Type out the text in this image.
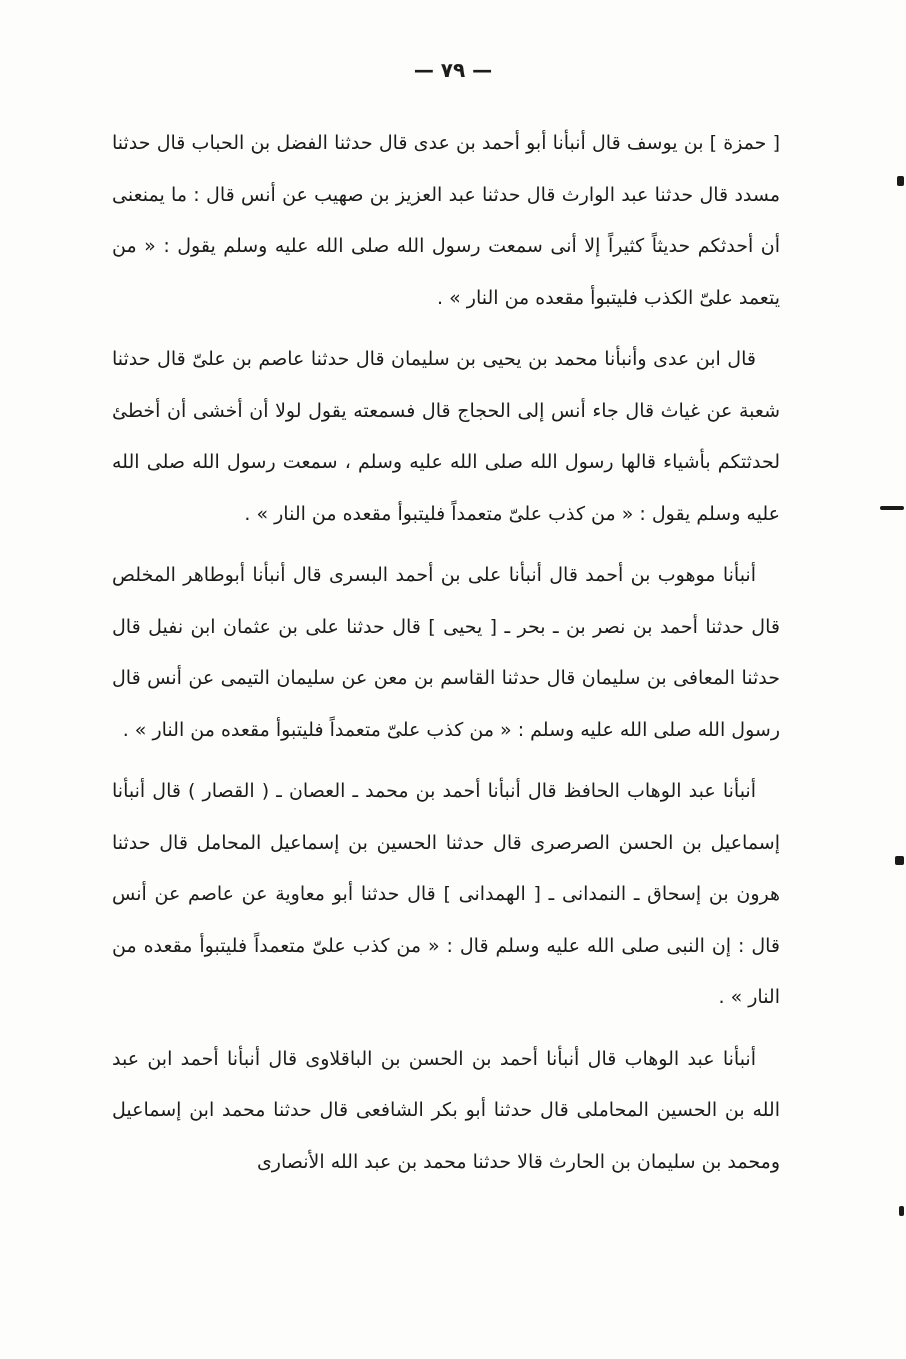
— ٧٩ —

[ حمزة ] بن يوسف قال أنبأنا أبو أحمد بن عدى قال حدثنا الفضل بن الحباب قال حدثنا مسدد قال حدثنا عبد الوارث قال حدثنا عبد العزيز بن صهيب عن أنس قال : ما يمنعنى أن أحدثكم حديثاً كثيراً إلا أنى سمعت رسول الله صلى الله عليه وسلم يقول : « من يتعمد علىّ الكذب فليتبوأ مقعده من النار » .

قال ابن عدى وأنبأنا محمد بن يحيى بن سليمان قال حدثنا عاصم بن علىّ قال حدثنا شعبة عن غياث قال جاء أنس إلى الحجاج قال فسمعته يقول لولا أن أخشى أن أخطئ لحدثتكم بأشياء قالها رسول الله صلى الله عليه وسلم ، سمعت رسول الله صلى الله عليه وسلم يقول : « من كذب علىّ متعمداً فليتبوأ مقعده من النار » .

أنبأنا موهوب بن أحمد قال أنبأنا على بن أحمد البسرى قال أنبأنا أبوطاهر المخلص قال حدثنا أحمد بن نصر بن ـ بحر ـ [ يحيى ] قال حدثنا على بن عثمان ابن نفيل قال حدثنا المعافى بن سليمان قال حدثنا القاسم بن معن عن سليمان التيمى عن أنس قال رسول الله صلى الله عليه وسلم : « من كذب علىّ متعمداً فليتبوأ مقعده من النار » .

أنبأنا عبد الوهاب الحافظ قال أنبأنا أحمد بن محمد ـ العصان ـ ( القصار ) قال أنبأنا إسماعيل بن الحسن الصرصرى قال حدثنا الحسين بن إسماعيل المحامل قال حدثنا هرون بن إسحاق ـ النمدانى ـ [ الهمدانى ] قال حدثنا أبو معاوية عن عاصم عن أنس قال : إن النبى صلى الله عليه وسلم قال : « من كذب علىّ متعمداً فليتبوأ مقعده من النار » .

أنبأنا عبد الوهاب قال أنبأنا أحمد بن الحسن بن الباقلاوى قال أنبأنا أحمد ابن عبد الله بن الحسين المحاملى قال حدثنا أبو بكر الشافعى قال حدثنا محمد ابن إسماعيل ومحمد بن سليمان بن الحارث قالا حدثنا محمد بن عبد الله الأنصارى
